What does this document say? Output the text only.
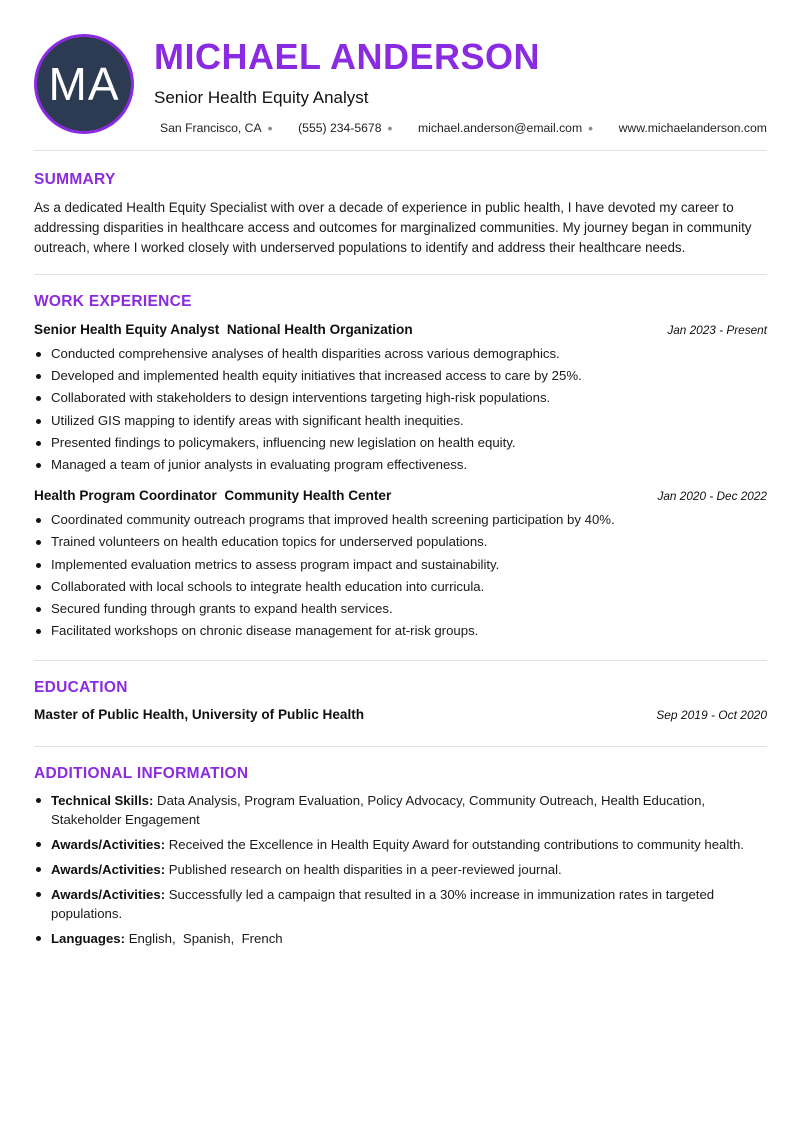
MA
MICHAEL ANDERSON
Senior Health Equity Analyst
San Francisco, CA • (555) 234-5678 • michael.anderson@email.com • www.michaelanderson.com
SUMMARY

As a dedicated Health Equity Specialist with over a decade of experience in public health, I have devoted my career to addressing disparities in healthcare access and outcomes for marginalized communities. My journey began in community outreach, where I worked closely with underserved populations to identify and address their healthcare needs.

WORK EXPERIENCE
Senior Health Equity Analyst  National Health Organization	Jan 2023 - Present
Conducted comprehensive analyses of health disparities across various demographics.
Developed and implemented health equity initiatives that increased access to care by 25%.
Collaborated with stakeholders to design interventions targeting high-risk populations.
Utilized GIS mapping to identify areas with significant health inequities.
Presented findings to policymakers, influencing new legislation on health equity.
Managed a team of junior analysts in evaluating program effectiveness.
Health Program Coordinator  Community Health Center	Jan 2020 - Dec 2022
Coordinated community outreach programs that improved health screening participation by 40%.
Trained volunteers on health education topics for underserved populations.
Implemented evaluation metrics to assess program impact and sustainability.
Collaborated with local schools to integrate health education into curricula.
Secured funding through grants to expand health services.
Facilitated workshops on chronic disease management for at-risk groups.
EDUCATION
Master of Public Health, University of Public Health	Sep 2019 - Oct 2020
ADDITIONAL INFORMATION
Technical Skills: Data Analysis, Program Evaluation, Policy Advocacy, Community Outreach, Health Education, Stakeholder Engagement
Awards/Activities: Received the Excellence in Health Equity Award for outstanding contributions to community health.
Awards/Activities: Published research on health disparities in a peer-reviewed journal.
Awards/Activities: Successfully led a campaign that resulted in a 30% increase in immunization rates in targeted populations.
Languages: English,  Spanish,  French
